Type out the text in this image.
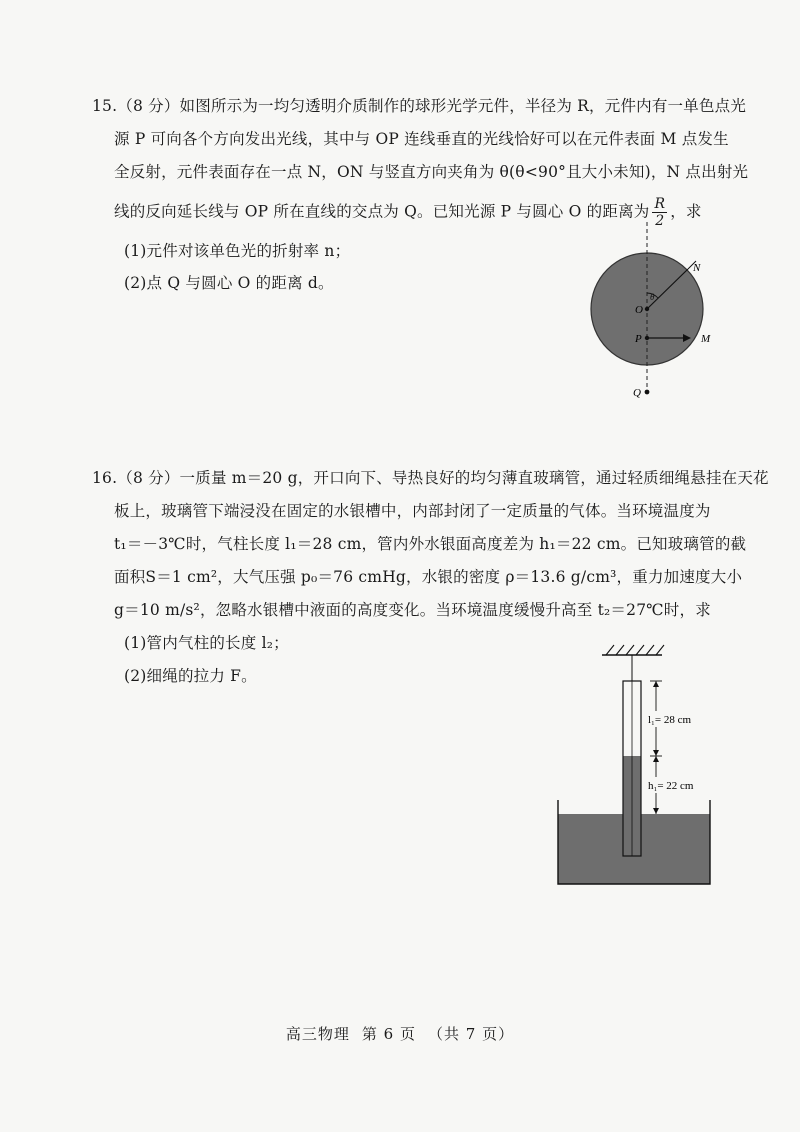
15.（8 分）如图所示为一均匀透明介质制作的球形光学元件，半径为 R，元件内有一单色点光
源 P 可向各个方向发出光线，其中与 OP 连线垂直的光线恰好可以在元件表面 M 点发生
全反射，元件表面存在一点 N，ON 与竖直方向夹角为 θ(θ<90°且大小未知)，N 点出射光
线的反向延长线与 OP 所在直线的交点为 Q。已知光源 P 与圆心 O 的距离为 $\frac{R}{2}$ ，求
(1)元件对该单色光的折射率 n；
(2)点 Q 与圆心 O 的距离 d。
N
O
θ
P	M
Q
16.（8 分）一质量 m＝20 g，开口向下、导热良好的均匀薄直玻璃管，通过轻质细绳悬挂在天花
板上，玻璃管下端浸没在固定的水银槽中，内部封闭了一定质量的气体。当环境温度为
t₁＝－3℃时，气柱长度 l₁＝28 cm，管内外水银面高度差为 h₁＝22 cm。已知玻璃管的截
面积S＝1 cm²，大气压强 p₀＝76 cmHg，水银的密度 ρ＝13.6 g/cm³，重力加速度大小
g＝10 m/s²，忽略水银槽中液面的高度变化。当环境温度缓慢升高至 t₂＝27℃时，求
(1)管内气柱的长度 l₂；
(2)细绳的拉力 F。
l₁= 28 cm
h₁= 22 cm
高三物理 第 6 页 （共 7 页）
